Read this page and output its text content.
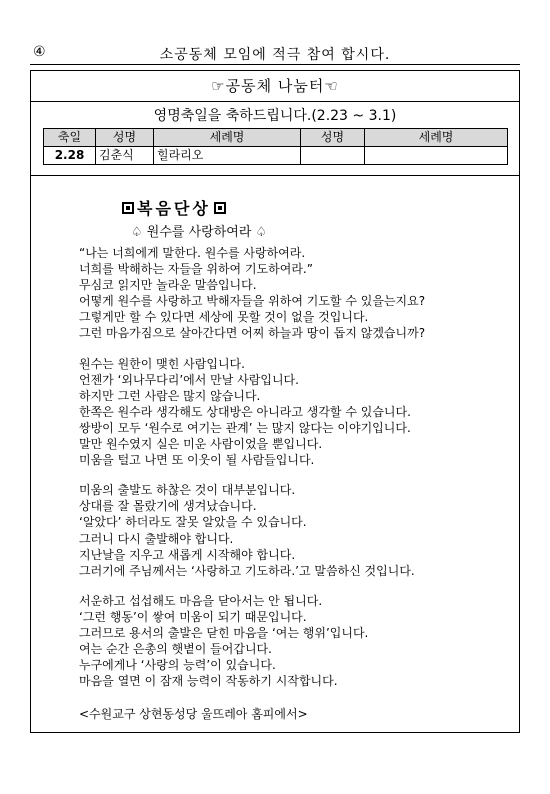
④	소공동체 모임에 적극 참여 합시다.
☞공동체 나눔터☜
영명축일을 축하드립니다.(2.23 ~ 3.1)
축일	성명	세례명	성명	세례명
2.28	김춘식	힐라리오		
복음단상
♤ 원수를 사랑하여라 ♤
“나는 너희에게 말한다. 원수를 사랑하여라.
너희를 박해하는 자들을 위하여 기도하여라.”
무심코 읽지만 놀라운 말씀입니다.
어떻게 원수를 사랑하고 박해자들을 위하여 기도할 수 있을는지요?
그렇게만 할 수 있다면 세상에 못할 것이 없을 것입니다.
그런 마음가짐으로 살아간다면 어찌 하늘과 땅이 돕지 않겠습니까?
원수는 원한이 맺힌 사람입니다.
언젠가 ‘외나무다리’에서 만날 사람입니다.
하지만 그런 사람은 많지 않습니다.
한쪽은 원수라 생각해도 상대방은 아니라고 생각할 수 있습니다.
쌍방이 모두 ‘원수로 여기는 관계’ 는 많지 않다는 이야기입니다.
말만 원수였지 실은 미운 사람이었을 뿐입니다.
미움을 털고 나면 또 이웃이 될 사람들입니다.
미움의 출발도 하찮은 것이 대부분입니다.
상대를 잘 몰랐기에 생겨났습니다.
‘알았다’ 하더라도 잘못 알았을 수 있습니다.
그러니 다시 출발해야 합니다.
지난날을 지우고 새롭게 시작해야 합니다.
그러기에 주님께서는 ‘사랑하고 기도하라.’고 말씀하신 것입니다.
서운하고 섭섭해도 마음을 닫아서는 안 됩니다.
‘그런 행동’이 쌓여 미움이 되기 때문입니다.
그러므로 용서의 출발은 닫힌 마음을 ‘여는 행위’입니다.
여는 순간 은총의 햇볕이 들어갑니다.
누구에게나 ‘사랑의 능력’이 있습니다.
마음을 열면 이 잠재 능력이 작동하기 시작합니다.
<수원교구 상현동성당 울뜨레아 홈피에서>
